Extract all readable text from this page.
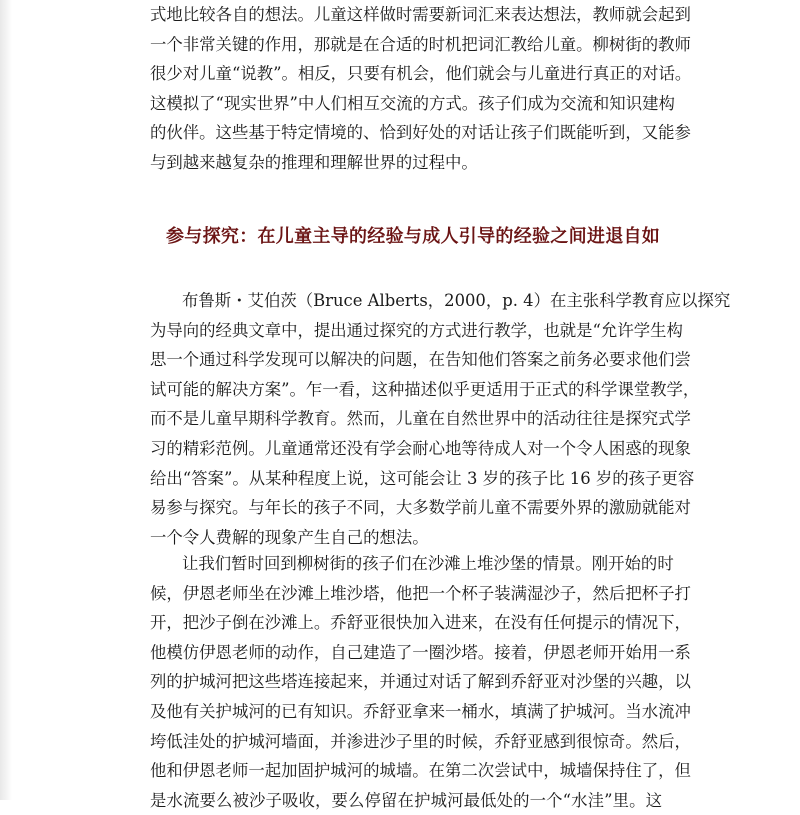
式地比较各自的想法。儿童这样做时需要新词汇来表达想法，教师就会起到
一个非常关键的作用，那就是在合适的时机把词汇教给儿童。柳树街的教师
很少对儿童“说教”。相反，只要有机会，他们就会与儿童进行真正的对话。
这模拟了“现实世界”中人们相互交流的方式。孩子们成为交流和知识建构
的伙伴。这些基于特定情境的、恰到好处的对话让孩子们既能听到，又能参
与到越来越复杂的推理和理解世界的过程中。
参与探究：在儿童主导的经验与成人引导的经验之间进退自如
布鲁斯・艾伯茨（Bruce Alberts，2000，p. 4）在主张科学教育应以探究
为导向的经典文章中，提出通过探究的方式进行教学，也就是“允许学生构
思一个通过科学发现可以解决的问题，在告知他们答案之前务必要求他们尝
试可能的解决方案”。乍一看，这种描述似乎更适用于正式的科学课堂教学，
而不是儿童早期科学教育。然而，儿童在自然世界中的活动往往是探究式学
习的精彩范例。儿童通常还没有学会耐心地等待成人对一个令人困惑的现象
给出“答案”。从某种程度上说，这可能会让 3 岁的孩子比 16 岁的孩子更容
易参与探究。与年长的孩子不同，大多数学前儿童不需要外界的激励就能对
一个令人费解的现象产生自己的想法。
让我们暂时回到柳树街的孩子们在沙滩上堆沙堡的情景。刚开始的时
候，伊恩老师坐在沙滩上堆沙塔，他把一个杯子装满湿沙子，然后把杯子打
开，把沙子倒在沙滩上。乔舒亚很快加入进来，在没有任何提示的情况下，
他模仿伊恩老师的动作，自己建造了一圈沙塔。接着，伊恩老师开始用一系
列的护城河把这些塔连接起来，并通过对话了解到乔舒亚对沙堡的兴趣，以
及他有关护城河的已有知识。乔舒亚拿来一桶水，填满了护城河。当水流冲
垮低洼处的护城河墙面，并渗进沙子里的时候，乔舒亚感到很惊奇。然后，
他和伊恩老师一起加固护城河的城墙。在第二次尝试中，城墙保持住了，但
是水流要么被沙子吸收，要么停留在护城河最低处的一个“水洼”里。这
